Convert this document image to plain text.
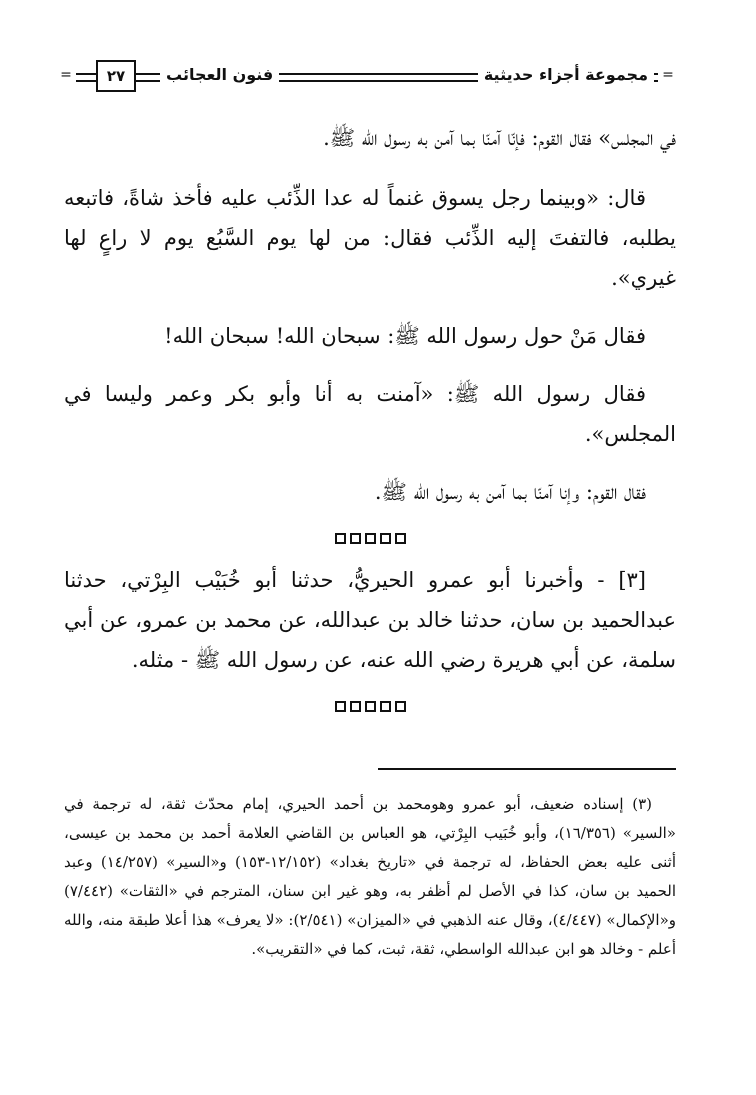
=	فنون العجائب
٢٧	مجموعة أجزاء حديثية	=

في المجلس» فقال القوم: فإنّا آمنّا بما آمن به رسول الله ﷺ.

قال: «وبينما رجل يسوق غنماً له عدا الذِّئب عليه فأخذ شاةً، فاتبعه يطلبه، فالتفتَ إليه الذِّئب فقال: من لها يوم السَّبُع يوم لا راعٍ لها غيري».

فقال مَنْ حول رسول الله ﷺ: سبحان الله! سبحان الله!

فقال رسول الله ﷺ: «آمنت به أنا وأبو بكر وعمر وليسا في المجلس».

فقال القوم: وإنا آمنّا بما آمن به رسول الله ﷺ.

[٣] - وأخبرنا أبو عمرو الحيريُّ، حدثنا أبو خُبَيْب البِرْتي، حدثنا عبدالحميد بن سان، حدثنا خالد بن عبدالله، عن محمد بن عمرو، عن أبي سلمة، عن أبي هريرة رضي الله عنه، عن رسول الله ﷺ - مثله.

(٣) إسناده ضعيف، أبو عمرو وهومحمد بن أحمد الحيري، إمام محدّث ثقة، له ترجمة في «السير» (١٦/٣٥٦)، وأبو خُبَيب البِرْتي، هو العباس بن القاضي العلامة أحمد بن محمد بن عيسى، أثنى عليه بعض الحفاظ، له ترجمة في «تاريخ بغداد» (١٢/١٥٢-١٥٣) و«السير» (١٤/٢٥٧) وعبد الحميد بن سان، كذا في الأصل لم أظفر به، وهو غير ابن سنان، المترجم في «الثقات» (٧/٤٤٢) و«الإكمال» (٤/٤٤٧)، وقال عنه الذهبي في «الميزان» (٢/٥٤١): «لا يعرف» هذا أعلا طبقة منه، والله أعلم - وخالد هو ابن عبدالله الواسطي، ثقة، ثبت، كما في «التقريب».
